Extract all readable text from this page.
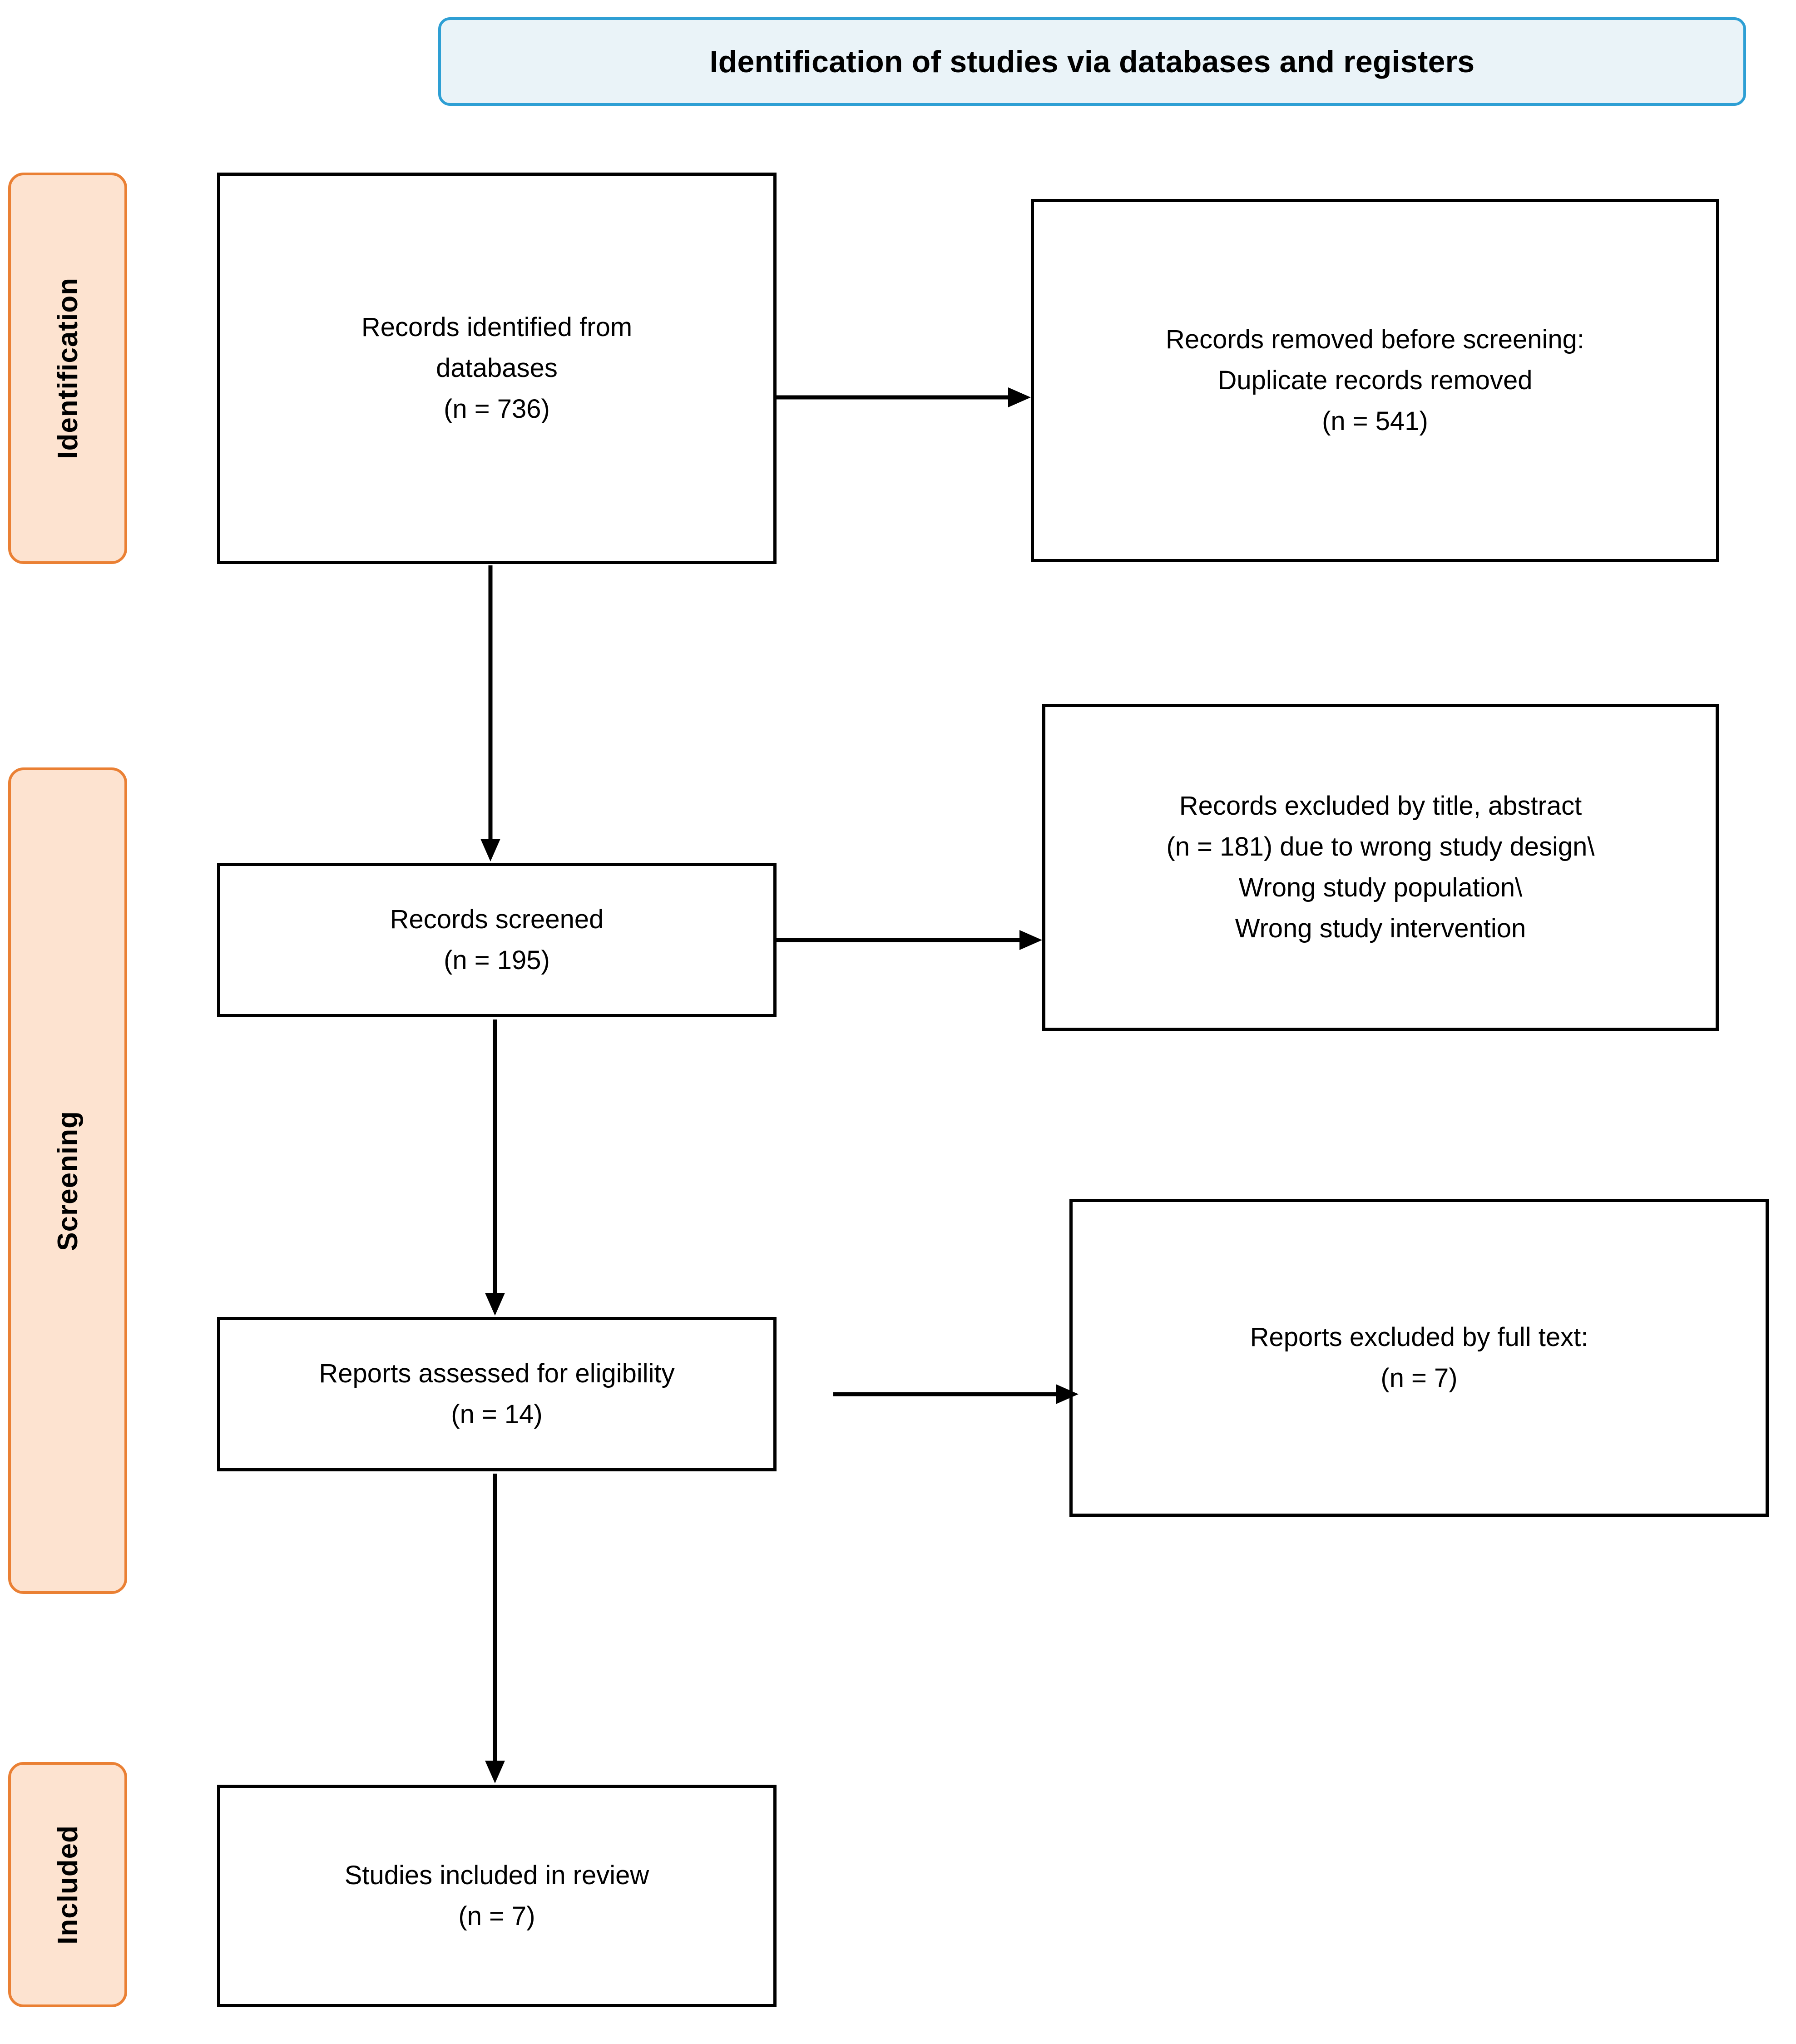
Identification of studies via databases and registers
Identification
Screening
Included
Records identified from
databases
(n = 736)
Records removed before screening:
Duplicate records removed
(n = 541)
Records screened
(n = 195)
Records excluded by title, abstract
(n = 181) due to wrong study design\
Wrong study population\
Wrong study intervention
Reports assessed for eligibility
(n = 14)
Reports excluded by full text:
(n = 7)
Studies included in review
(n = 7)
